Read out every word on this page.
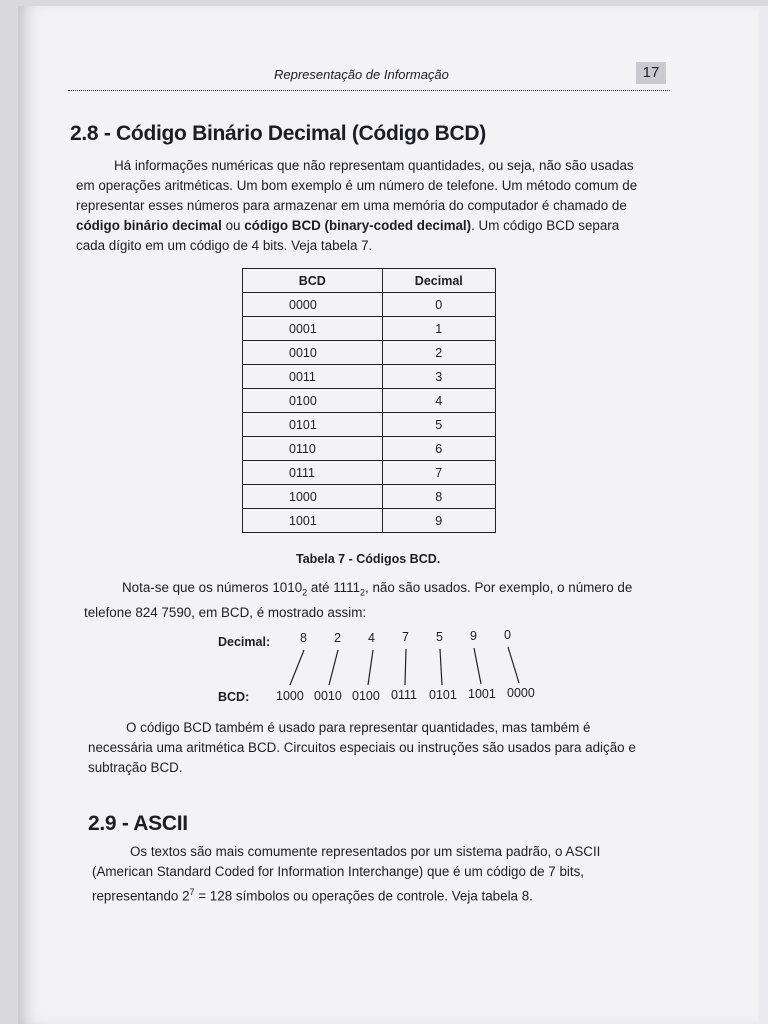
Representação de Informação	17
2.8 - Código Binário Decimal (Código BCD)
Há informações numéricas que não representam quantidades, ou seja, não são usadas
em operações aritméticas. Um bom exemplo é um número de telefone. Um método comum de
representar esses números para armazenar em uma memória do computador é chamado de
código binário decimal ou código BCD (binary-coded decimal). Um código BCD separa
cada dígito em um código de 4 bits. Veja tabela 7.
BCD	Decimal
0000	0
0001	1
0010	2
0011	3
0100	4
0101	5
0110	6
0111	7
1000	8
1001	9
Tabela 7 - Códigos BCD.
Nota-se que os números $1010_2$ até $1111_2$, não são usados. Por exemplo, o número de
telefone 824 7590, em BCD, é mostrado assim:
Decimal:
BCD:
8 2 4 7 5 9 0
1000 0010 0100 0111 0101 1001 0000
O código BCD também é usado para representar quantidades, mas também é
necessária uma aritmética BCD. Circuitos especiais ou instruções são usados para adição e
subtração BCD.
2.9 - ASCII
Os textos são mais comumente representados por um sistema padrão, o ASCII
(American Standard Coded for Information Interchange) que é um código de 7 bits,
representando $2^7 = 128$ símbolos ou operações de controle. Veja tabela 8.
